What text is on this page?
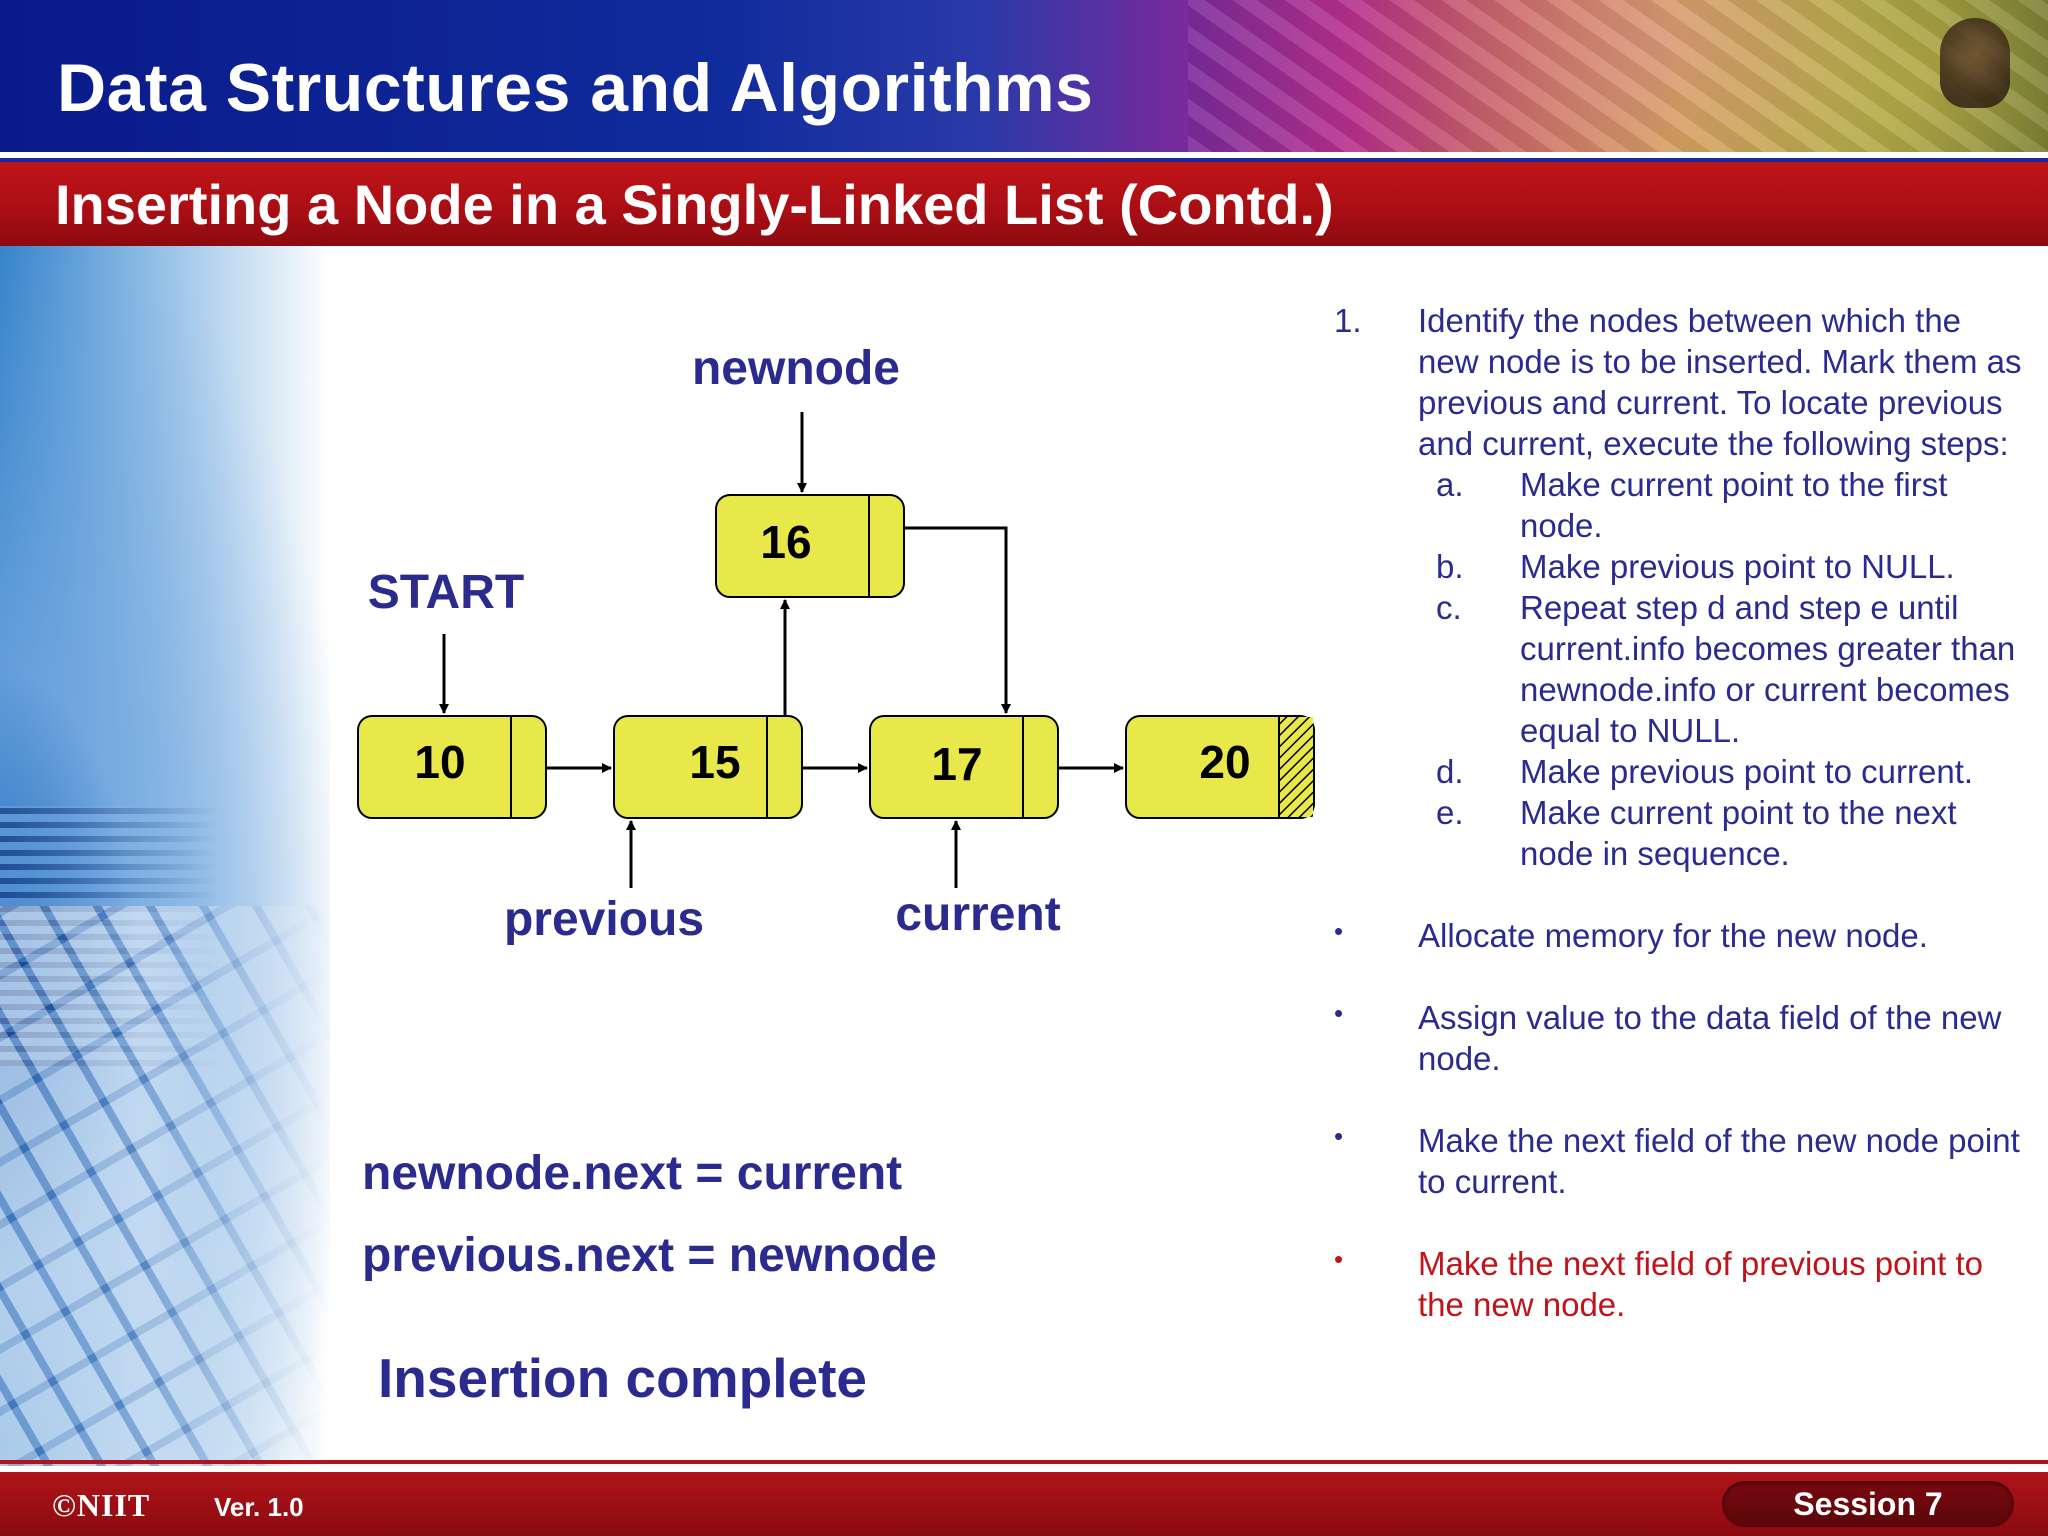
Data Structures and Algorithms
Inserting a Node in a Singly-Linked List (Contd.)
newnode
START
previous	current
16
10	15	17	20

newnode.next = current

previous.next = newnode

Insertion complete

1. Identify the nodes between which the new node is to be inserted. Mark them as previous and current. To locate previous and current, execute the following steps:
a. Make current point to the first node.
b. Make previous point to NULL.
c. Repeat step d and step e until current.info becomes greater than newnode.info or current becomes equal to NULL.
d. Make previous point to current.
e. Make current point to the next node in sequence.
• Allocate memory for the new node.
• Assign value to the data field of the new node.
• Make the next field of the new node point to current.
• Make the next field of previous point to the new node.
©NIIT Ver. 1.0	Session 7
